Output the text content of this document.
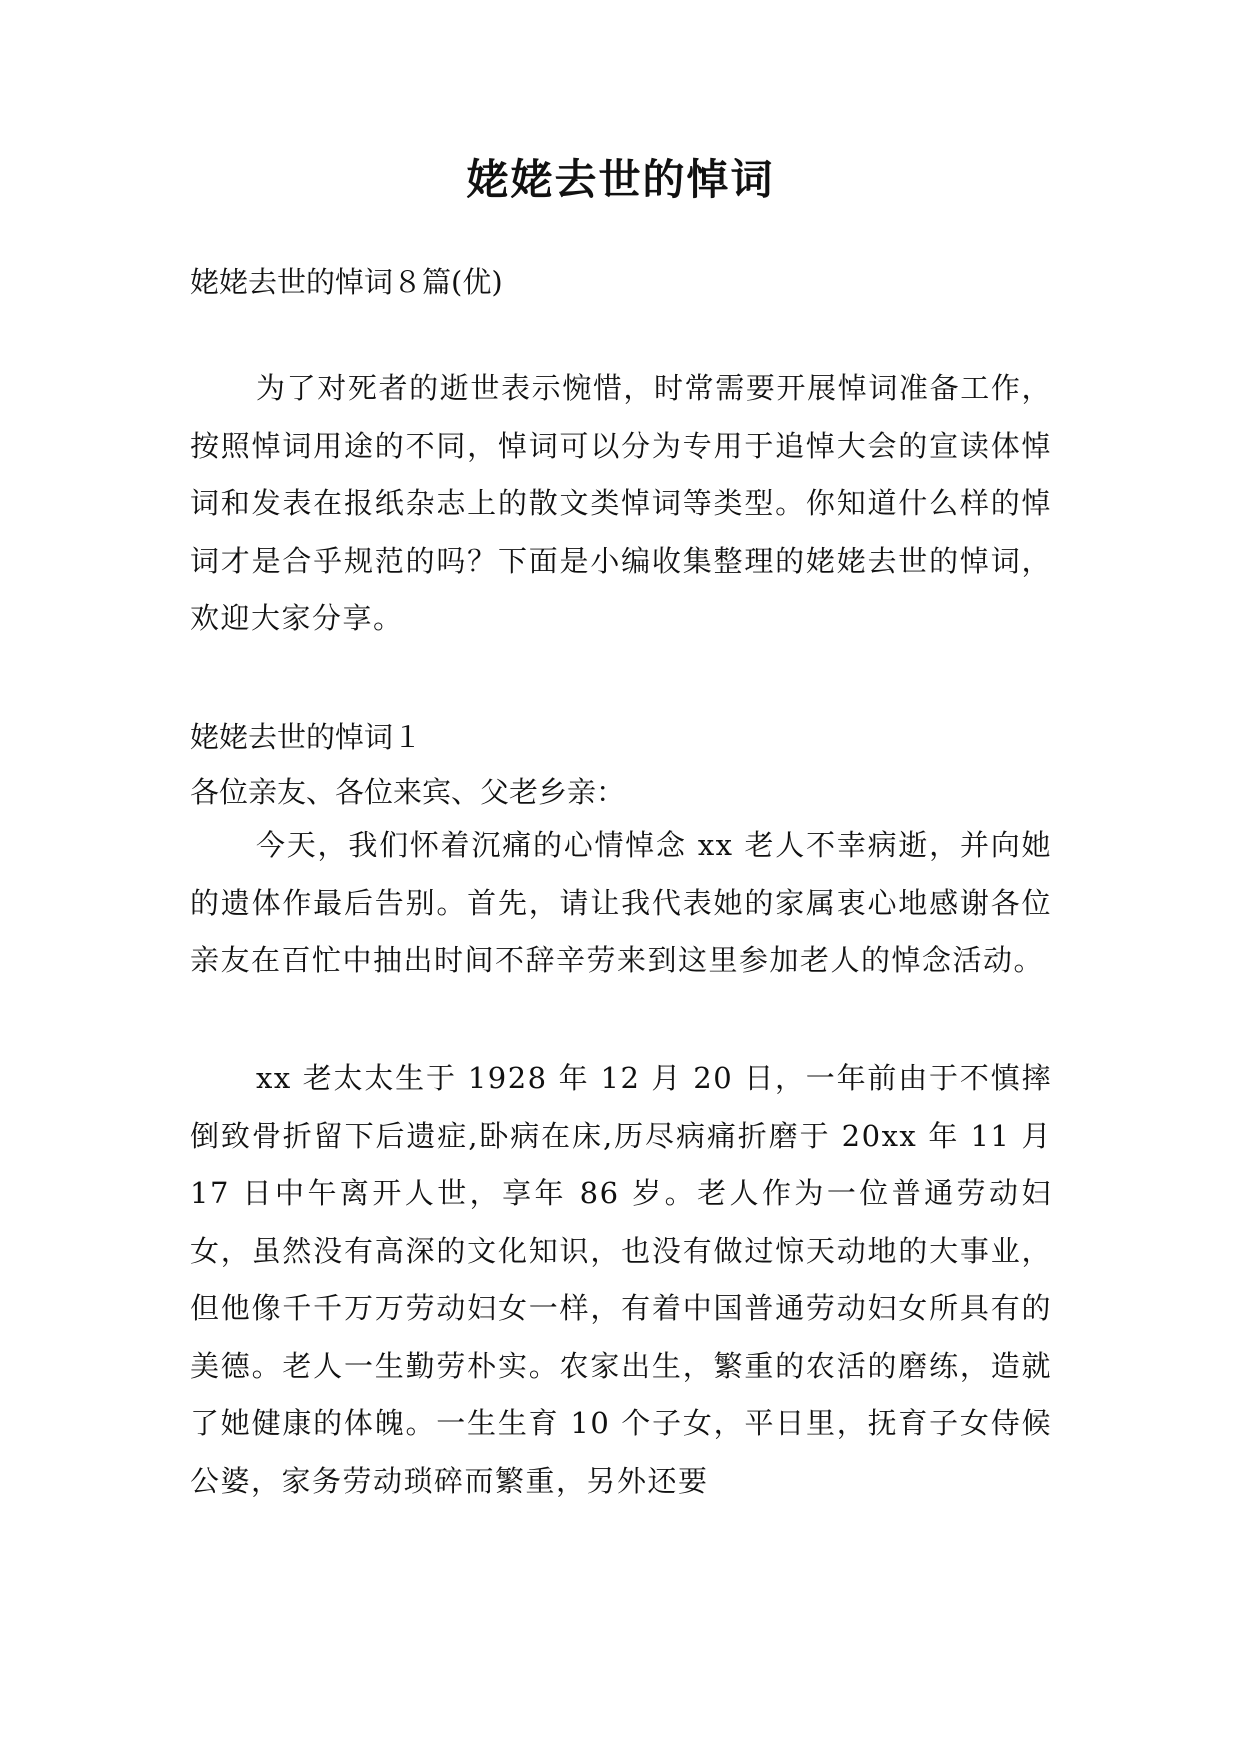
姥姥去世的悼词

姥姥去世的悼词８篇(优)

为了对死者的逝世表示惋惜，时常需要开展悼词准备工作，按照悼词用途的不同，悼词可以分为专用于追悼大会的宣读体悼词和发表在报纸杂志上的散文类悼词等类型。你知道什么样的悼词才是合乎规范的吗？下面是小编收集整理的姥姥去世的悼词，欢迎大家分享。

姥姥去世的悼词１

各位亲友、各位来宾、父老乡亲：

今天，我们怀着沉痛的心情悼念 xx 老人不幸病逝，并向她的遗体作最后告别。首先，请让我代表她的家属衷心地感谢各位亲友在百忙中抽出时间不辞辛劳来到这里参加老人的悼念活动。

xx 老太太生于 1928 年 12 月 20 日，一年前由于不慎摔倒致骨折留下后遗症,卧病在床,历尽病痛折磨于 20xx 年 11 月 17 日中午离开人世，享年 86 岁。老人作为一位普通劳动妇女，虽然没有高深的文化知识，也没有做过惊天动地的大事业，但他像千千万万劳动妇女一样，有着中国普通劳动妇女所具有的美德。老人一生勤劳朴实。农家出生，繁重的农活的磨练，造就了她健康的体魄。一生生育 10 个子女，平日里，抚育子女侍候公婆，家务劳动琐碎而繁重，另外还要
